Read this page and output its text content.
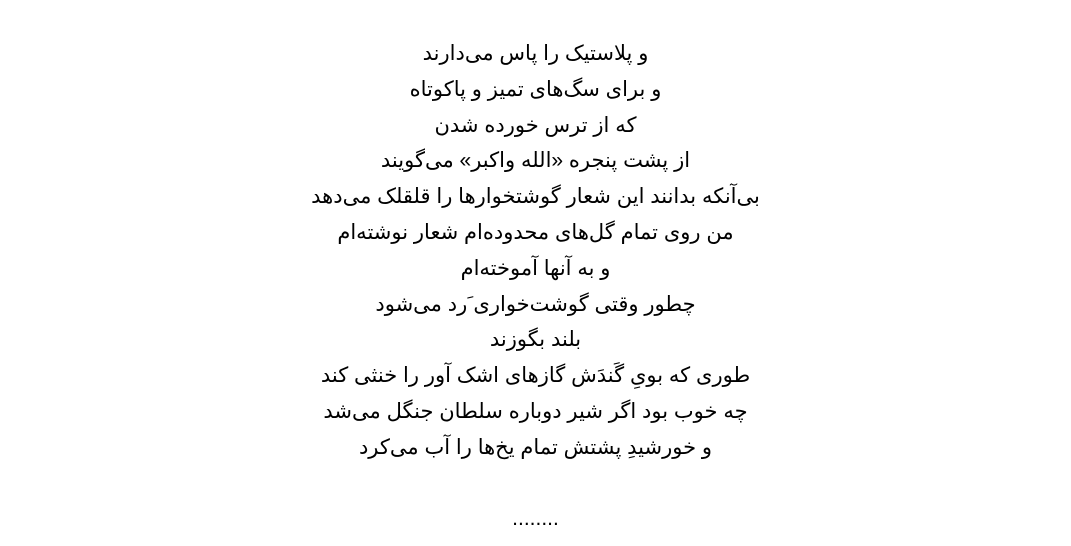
و پلاستیک را پاس می‌دارند
و برای سگ‌های تمیز و پاکوتاه
که از ترس خورده شدن
از پشت پنجره «الله واکبر» می‌گویند
بی‌آنکه بدانند این شعار گوشتخوارها را قلقلک می‌دهد
من روی تمام گل‌های محدوده‌ام شعار نوشته‌ام
و به آنها آموخته‌ام
چطور وقتی گوشت‌خواری َرد می‌شود
بلند بگوزند
طوری که بویِ گَندَش گازهای اشک آور را خنثی کند
چه خوب بود اگر شیر دوباره سلطان جنگل می‌شد
و خورشیدِ پشتش تمام یخ‌ها را آب می‌کرد
........
